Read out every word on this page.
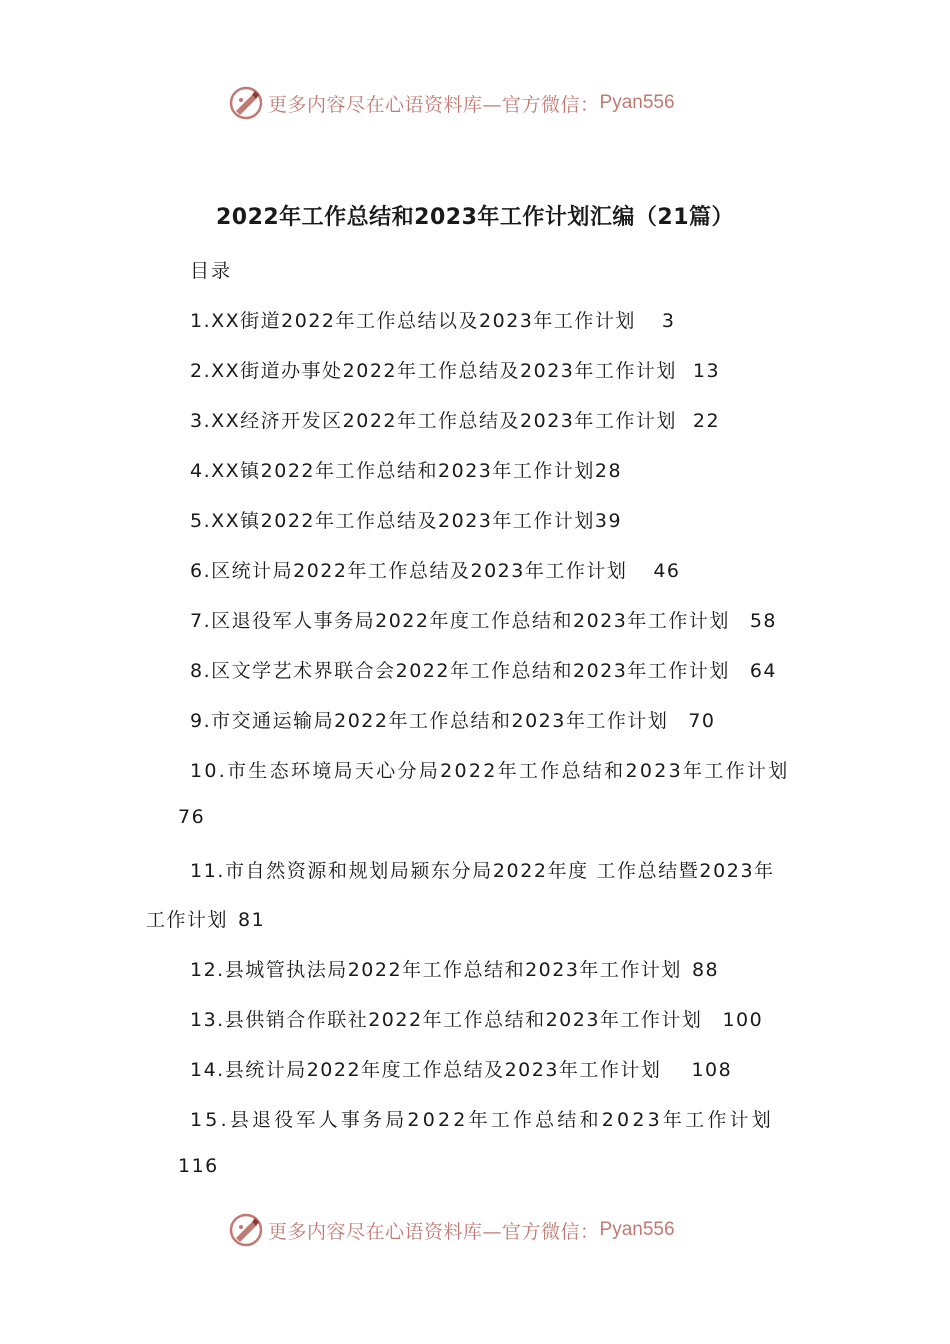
更多内容尽在心语资料库—官方微信： Pyan556
2022年工作总结和2023年工作计划汇编（21篇）
目录
1.XX街道2022年工作总结以及2023年工作计划 3
2.XX街道办事处2022年工作总结及2023年工作计划 13
3.XX经济开发区2022年工作总结及2023年工作计划 22
4.XX镇2022年工作总结和2023年工作计划28
5.XX镇2022年工作总结及2023年工作计划39
6.区统计局2022年工作总结及2023年工作计划 46
7.区退役军人事务局2022年度工作总结和2023年工作计划 58
8.区文学艺术界联合会2022年工作总结和2023年工作计划 64
9.市交通运输局2022年工作总结和2023年工作计划 70
10.市生态环境局天心分局2022年工作总结和2023年工作计划
76
11.市自然资源和规划局颍东分局2022年度 工作总结暨2023年
工作计划 81
12.县城管执法局2022年工作总结和2023年工作计划 88
13.县供销合作联社2022年工作总结和2023年工作计划 100
14.县统计局2022年度工作总结及2023年工作计划 108
15.县退役军人事务局2022年工作总结和2023年工作计划
116
更多内容尽在心语资料库—官方微信： Pyan556
